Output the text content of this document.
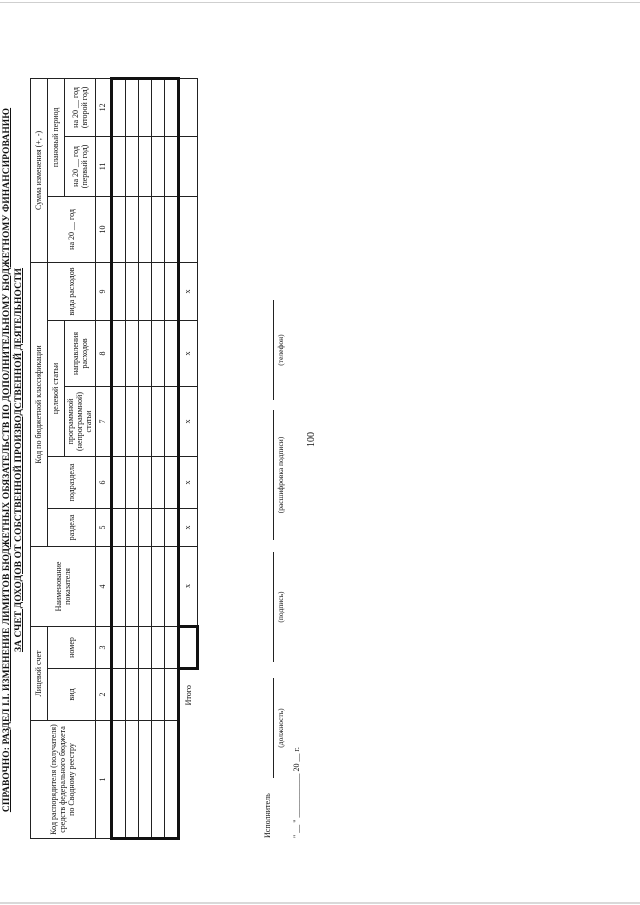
100
СПРАВОЧНО: РАЗДЕЛ I.I. ИЗМЕНЕНИЕ ЛИМИТОВ БЮДЖЕТНЫХ ОБЯЗАТЕЛЬСТВ ПО ДОПОЛНИТЕЛЬНОМУ БЮДЖЕТНОМУ ФИНАНСИРОВАНИЮ ЗА СЧЕТ ДОХОДОВ ОТ СОБСТВЕННОЙ ПРОИЗВОДСТВЕННОЙ ДЕЯТЕЛЬНОСТИ
Код распорядителя (получателя) средств федерального бюджета по Сводному реестру	Лицевой счет		Наименование показателя	Код по бюджетной классификации					Сумма изменения (+, -)		
	вид	номер		раздела	подраздела	целевой статьи		вида расходов	на 20 __ год	плановый период	
						программной (непрограммной) статьи	направления расходов			на 20 __ год (первый год)	на 20 __ год (второй год)
1	2	3	4	5	6	7	8	9	10	11	12

	Итого		х	х	х	х	х	х			
Исполнитель
(должность)
(подпись)
(расшифровка подписи)
(телефон)
" __ " ___________ 20 __ г.
